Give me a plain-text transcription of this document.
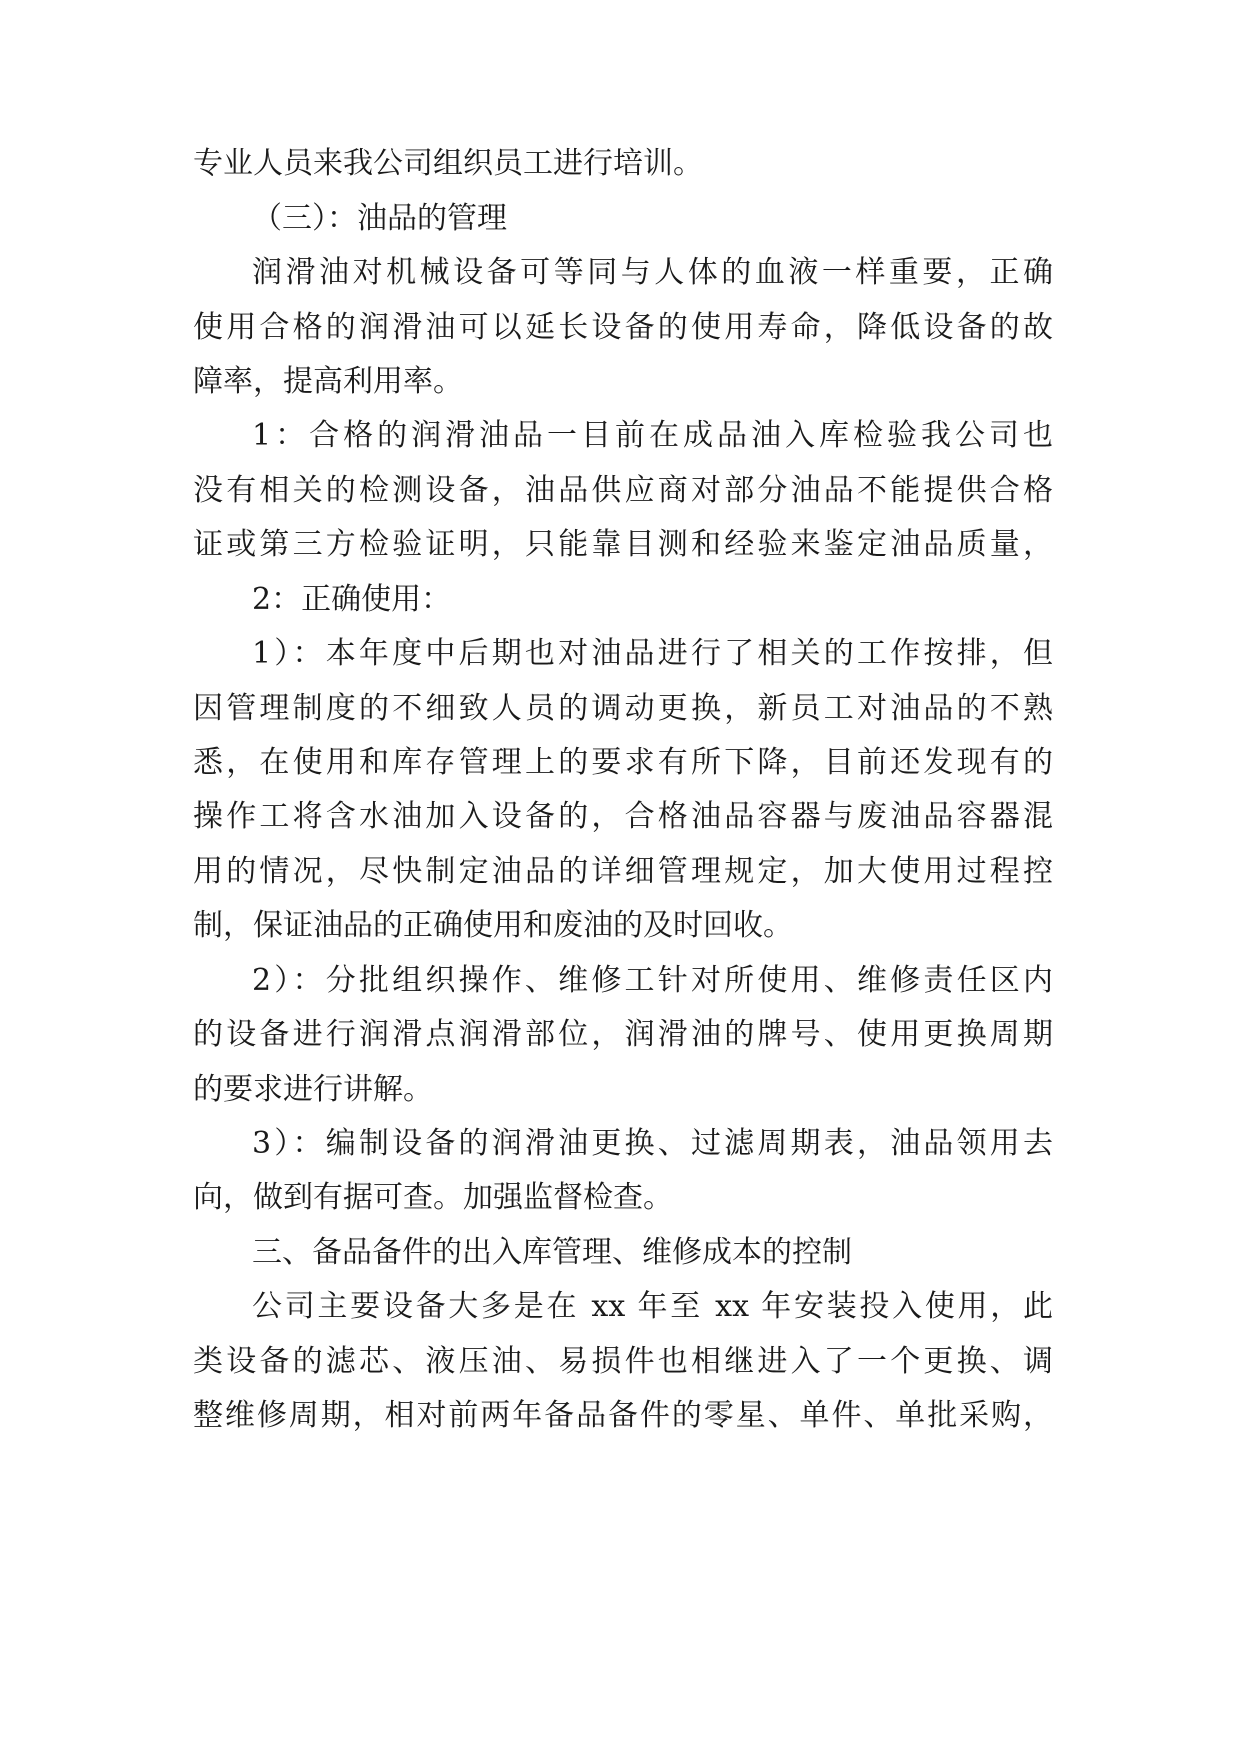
专业人员来我公司组织员工进行培训。
（三）：油品的管理
润滑油对机械设备可等同与人体的血液一样重要，正确
使用合格的润滑油可以延长设备的使用寿命，降低设备的故
障率，提高利用率。
1：合格的润滑油品一目前在成品油入库检验我公司也
没有相关的检测设备，油品供应商对部分油品不能提供合格
证或第三方检验证明，只能靠目测和经验来鉴定油品质量，
2：正确使用：
1）：本年度中后期也对油品进行了相关的工作按排，但
因管理制度的不细致人员的调动更换，新员工对油品的不熟
悉，在使用和库存管理上的要求有所下降，目前还发现有的
操作工将含水油加入设备的，合格油品容器与废油品容器混
用的情况，尽快制定油品的详细管理规定，加大使用过程控
制，保证油品的正确使用和废油的及时回收。
2）：分批组织操作、维修工针对所使用、维修责任区内
的设备进行润滑点润滑部位，润滑油的牌号、使用更换周期
的要求进行讲解。
3）：编制设备的润滑油更换、过滤周期表，油品领用去
向，做到有据可查。加强监督检查。
三、备品备件的出入库管理、维修成本的控制
公司主要设备大多是在 xx 年至 xx 年安装投入使用，此
类设备的滤芯、液压油、易损件也相继进入了一个更换、调
整维修周期，相对前两年备品备件的零星、单件、单批采购，
